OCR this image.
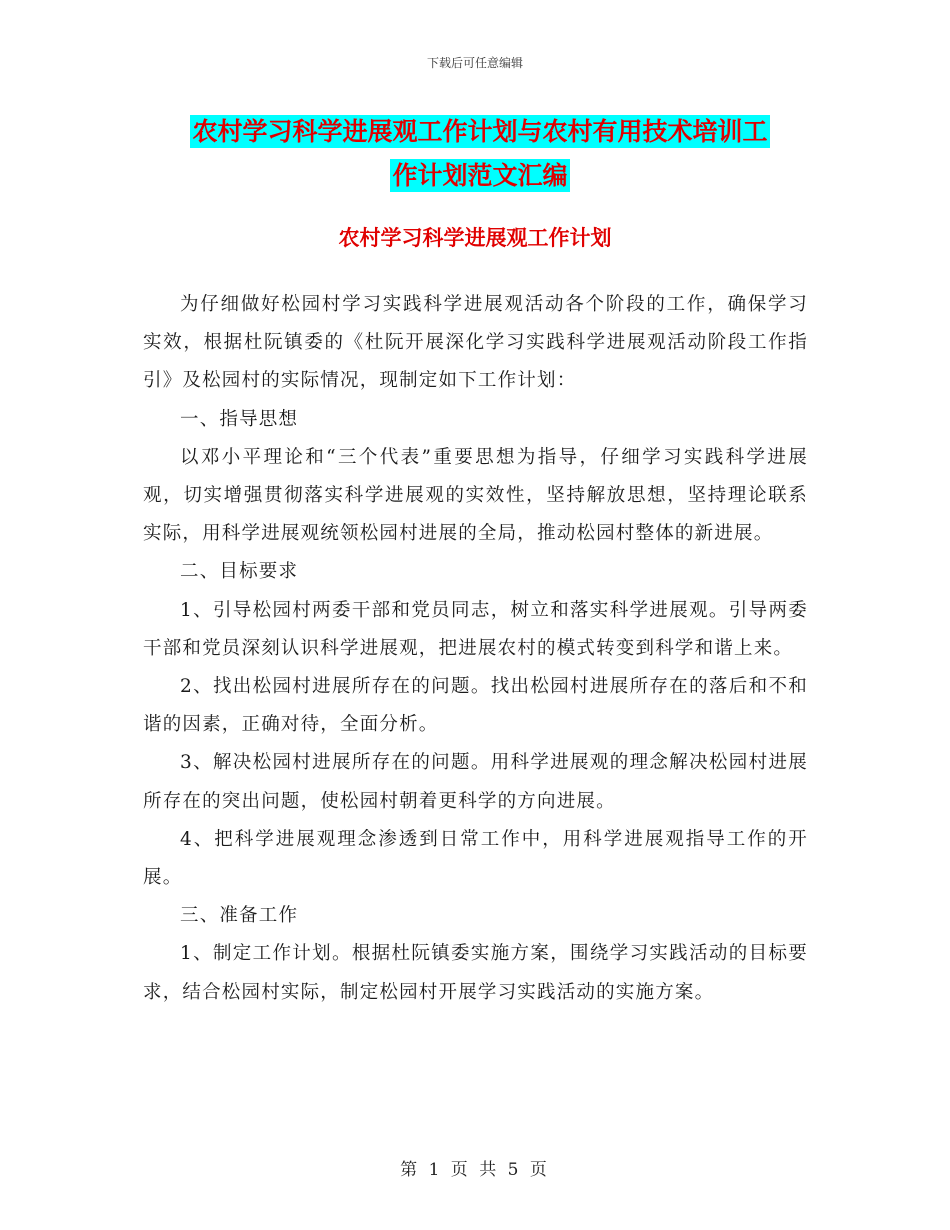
下载后可任意编辑
农村学习科学进展观工作计划与农村有用技术培训工
作计划范文汇编
农村学习科学进展观工作计划

为仔细做好松园村学习实践科学进展观活动各个阶段的工作，确保学习实效，根据杜阮镇委的《杜阮开展深化学习实践科学进展观活动阶段工作指引》及松园村的实际情况，现制定如下工作计划：

一、指导思想

以邓小平理论和“三个代表”重要思想为指导，仔细学习实践科学进展观，切实增强贯彻落实科学进展观的实效性，坚持解放思想，坚持理论联系实际，用科学进展观统领松园村进展的全局，推动松园村整体的新进展。

二、目标要求

1、引导松园村两委干部和党员同志，树立和落实科学进展观。引导两委干部和党员深刻认识科学进展观，把进展农村的模式转变到科学和谐上来。

2、找出松园村进展所存在的问题。找出松园村进展所存在的落后和不和谐的因素，正确对待，全面分析。

3、解决松园村进展所存在的问题。用科学进展观的理念解决松园村进展所存在的突出问题，使松园村朝着更科学的方向进展。

4、把科学进展观理念渗透到日常工作中，用科学进展观指导工作的开展。

三、准备工作

1、制定工作计划。根据杜阮镇委实施方案，围绕学习实践活动的目标要求，结合松园村实际，制定松园村开展学习实践活动的实施方案。

第 1 页 共 5 页
